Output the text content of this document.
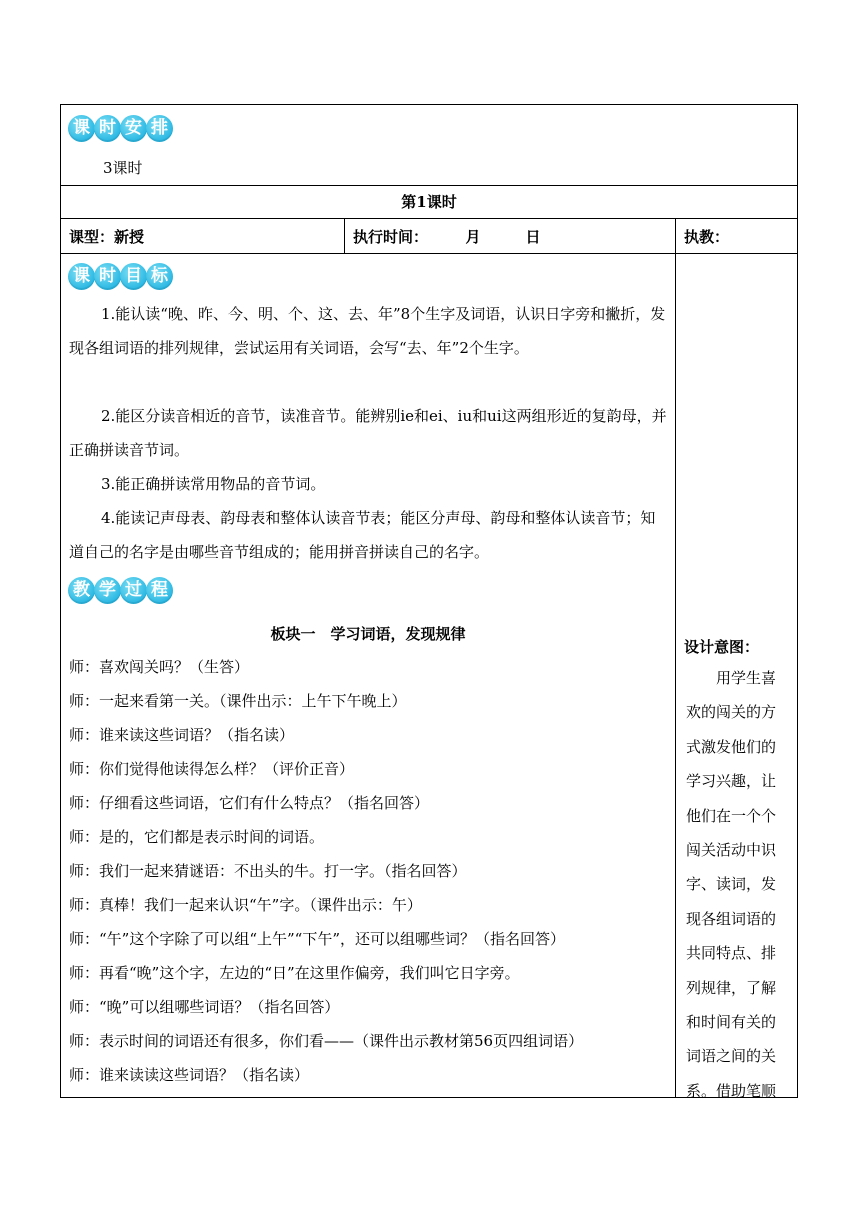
课 时 安 排
3课时
第1课时
课型：新授	执行时间：　　　月　　　日	执教：
课 时 目 标
1.能认读“晚、昨、今、明、个、这、去、年”8个生字及词语，认识日字旁和撇折，发现各组词语的排列规律，尝试运用有关词语，会写“去、年”2个生字。
2.能区分读音相近的音节，读准音节。能辨别ie和ei、iu和ui这两组形近的复韵母，并正确拼读音节词。
3.能正确拼读常用物品的音节词。
4.能读记声母表、韵母表和整体认读音节表；能区分声母、韵母和整体认读音节；知道自己的名字是由哪些音节组成的；能用拼音拼读自己的名字。
教 学 过 程
板块一　学习词语，发现规律
师：喜欢闯关吗？（生答）
师：一起来看第一关。（课件出示：上午下午晚上）
师：谁来读这些词语？（指名读）
师：你们觉得他读得怎么样？（评价正音）
师：仔细看这些词语，它们有什么特点？（指名回答）
师：是的，它们都是表示时间的词语。
师：我们一起来猜谜语：不出头的牛。打一字。（指名回答）
师：真棒！我们一起来认识“午”字。（课件出示：午）
师：“午”这个字除了可以组“上午”“下午”，还可以组哪些词？（指名回答）
师：再看“晚”这个字，左边的“日”在这里作偏旁，我们叫它日字旁。
师：“晚”可以组哪些词语？（指名回答）
师：表示时间的词语还有很多，你们看——（课件出示教材第56页四组词语）
师：谁来读读这些词语？（指名读）
设计意图：
用学生喜
欢的闯关的方
式激发他们的
学习兴趣，让
他们在一个个
闯关活动中识
字、读词，发
现各组词语的
共同特点、排
列规律，了解
和时间有关的
词语之间的关
系。借助笔顺
